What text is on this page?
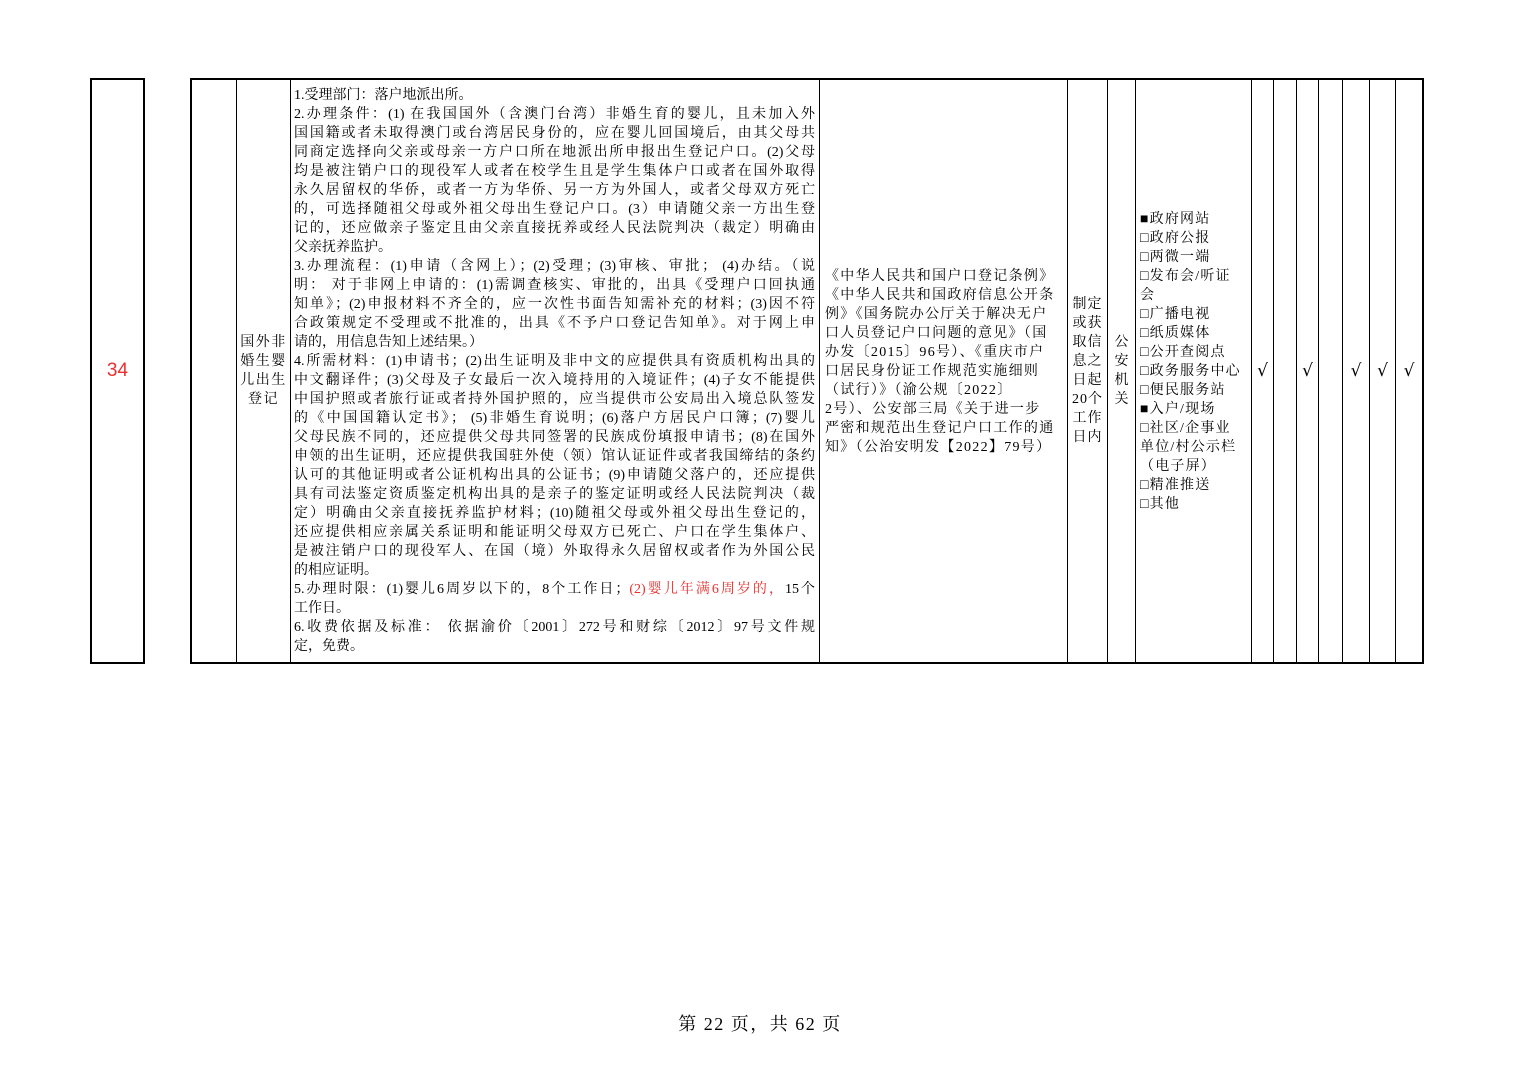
34
国外非
婚生婴
儿出生
登记
1.受理部门：落户地派出所。
2.办理条件：(1) 在我国国外（含澳门台湾）非婚生育的婴儿，且未加入外
国国籍或者未取得澳门或台湾居民身份的，应在婴儿回国境后，由其父母共
同商定选择向父亲或母亲一方户口所在地派出所申报出生登记户口。(2)父母
均是被注销户口的现役军人或者在校学生且是学生集体户口或者在国外取得
永久居留权的华侨，或者一方为华侨、另一方为外国人，或者父母双方死亡
的，可选择随祖父母或外祖父母出生登记户口。(3）申请随父亲一方出生登
记的，还应做亲子鉴定且由父亲直接抚养或经人民法院判决（裁定）明确由
父亲抚养监护。
3.办理流程：(1)申请（含网上）；(2)受理；(3)审核、审批； (4)办结。（说
明： 对于非网上申请的：(1)需调查核实、审批的，出具《受理户口回执通
知单》；(2)申报材料不齐全的，应一次性书面告知需补充的材料；(3)因不符
合政策规定不受理或不批准的，出具《不予户口登记告知单》。对于网上申
请的，用信息告知上述结果。）
4.所需材料：(1)申请书；(2)出生证明及非中文的应提供具有资质机构出具的
中文翻译件；(3)父母及子女最后一次入境持用的入境证件；(4)子女不能提供
中国护照或者旅行证或者持外国护照的，应当提供市公安局出入境总队签发
的《中国国籍认定书》； (5)非婚生育说明；(6)落户方居民户口簿；(7)婴儿
父母民族不同的，还应提供父母共同签署的民族成份填报申请书；(8)在国外
申领的出生证明，还应提供我国驻外使（领）馆认证证件或者我国缔结的条约
认可的其他证明或者公证机构出具的公证书；(9)申请随父落户的，还应提供
具有司法鉴定资质鉴定机构出具的是亲子的鉴定证明或经人民法院判决（裁
定）明确由父亲直接抚养监护材料；(10)随祖父母或外祖父母出生登记的，
还应提供相应亲属关系证明和能证明父母双方已死亡、户口在学生集体户、
是被注销户口的现役军人、在国（境）外取得永久居留权或者作为外国公民
的相应证明。
5.办理时限：(1)婴儿6周岁以下的，8个工作日；(2)婴儿年满6周岁的，15个
工作日。
6.收费依据及标准： 依据渝价〔2001〕272号和财综〔2012〕97号文件规
定，免费。
《中华人民共和国户口登记条例》
《中华人民共和国政府信息公开条
例》《国务院办公厅关于解决无户
口人员登记户口问题的意见》（国
办发〔2015〕96号）、《重庆市户
口居民身份证工作规范实施细则
（试行）》（渝公规〔2022〕
2号）、公安部三局《关于进一步
严密和规范出生登记户口工作的通
知》（公治安明发【2022】79号）
制定
或获
取信
息之
日起
20个
工作
日内
公
安
机
关
■政府网站
□政府公报
□两微一端
□发布会/听证
会
□广播电视
□纸质媒体
□公开查阅点
□政务服务中心
□便民服务站
■入户/现场
□社区/企事业
单位/村公示栏
（电子屏）
□精准推送
□其他
√ √ √ √ √
第 22 页，共 62 页
